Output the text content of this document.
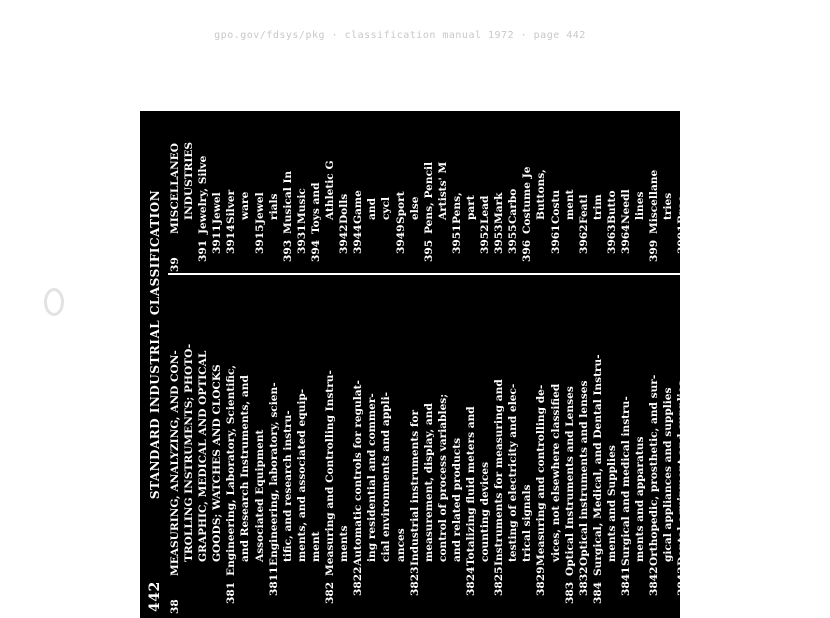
gpo.gov/fdsys/pkg · classification manual 1972 · page 442
442
STANDARD INDUSTRIAL CLASSIFICATION
38
MEASURING, ANALYZING, AND CON- TROLLING INSTRUMENTS; PHOTO- GRAPHIC, MEDICAL AND OPTICAL GOODS; WATCHES AND CLOCKS
381
Engineering, Laboratory, Scientific, and Research Instruments, and Associated Equipment
3811
Engineering, laboratory, scien- tific, and research instru- ments, and associated equip- ment
382
Measuring and Controlling Instru- ments
3822
Automatic controls for regulat- ing residential and commer- cial environments and appli- ances
3823
Industrial instruments for measurement, display, and control of process variables; and related products
3824
Totalizing fluid meters and counting devices
3825
Instruments for measuring and testing of electricity and elec- trical signals
3829
Measuring and controlling de- vices, not elsewhere classified
383
Optical Instruments and Lenses
3832
Optical instruments and lenses
384
Surgical, Medical, and Dental Instru- ments and Supplies
3841
Surgical and medical instru- ments and apparatus
3842
Orthopedic, prosthetic, and sur- gical appliances and supplies
3843
Dental equipment and supplies
385
Ophthalmic Goods
3851
Ophthalmic goods
386
Photographic Equipment and Sup- plies
3861
Photographic equipment and supplies
387
Watches, Clocks, Clockwork Operated Devices, and Parts
3873
Watches, clocks, clockwork op- erated devices, and parts
39
MISCELLANEO INDUSTRIES
391
Jewelry, Silve
3911
Jewel
3914
Silver ware
3915
Jewel rials
393
Musical In
3931
Music
394
Toys and Athletic G
3942
Dolls
3944
Game and cycl
3949
Sport else
395
Pens, Pencil Artists' M
3951
Pens, part
3952
Lead
3953
Mark
3955
Carbo
396
Costume Je Buttons,
3961
Costu ment
3962
Featl trim
3963
Butto
3964
Needl lines
399
Miscellane tries
3991
Broo
3993
Signs
3995
Buria
3996
Linol and cove
3999
Manu else
